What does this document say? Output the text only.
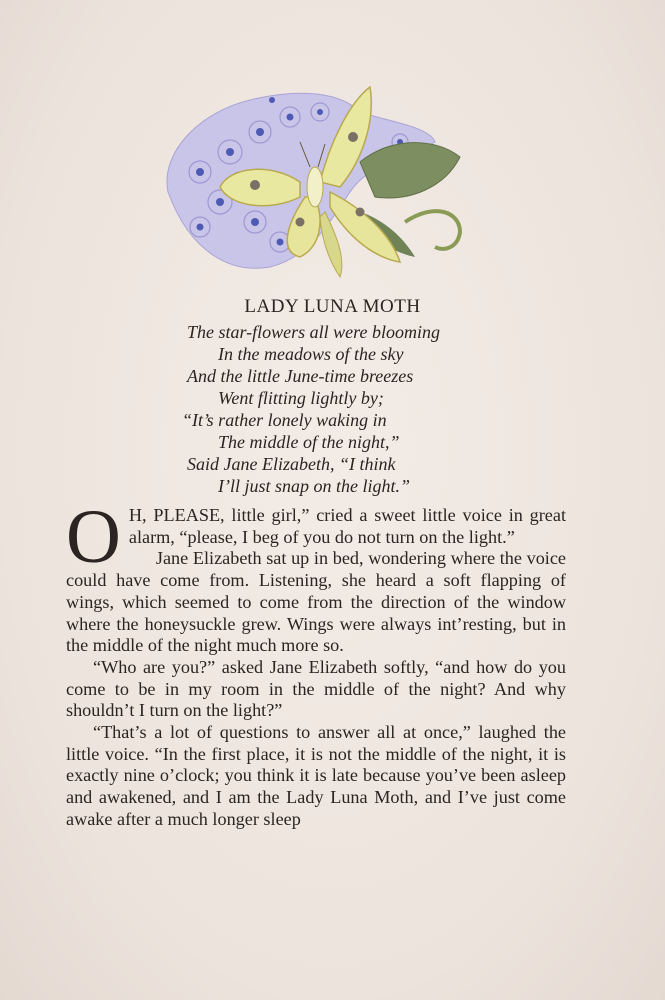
LADY LUNA MOTH
The star-flowers all were blooming
In the meadows of the sky
And the little June-time breezes
Went flitting lightly by;
“It’s rather lonely waking in
The middle of the night,”
Said Jane Elizabeth, “I think
I’ll just snap on the light.”

O H, PLEASE, little girl,” cried a sweet little voice in great alarm, “please, I beg of you do not turn on the light.”

Jane Elizabeth sat up in bed, wondering where the voice could have come from. Listening, she heard a soft flapping of wings, which seemed to come from the direction of the window where the honeysuckle grew. Wings were always int’resting, but in the middle of the night much more so.

“Who are you?” asked Jane Elizabeth softly, “and how do you come to be in my room in the middle of the night? And why shouldn’t I turn on the light?”

“That’s a lot of questions to answer all at once,” laughed the little voice. “In the first place, it is not the middle of the night, it is exactly nine o’clock; you think it is late because you’ve been asleep and awakened, and I am the Lady Luna Moth, and I’ve just come awake after a much longer sleep
